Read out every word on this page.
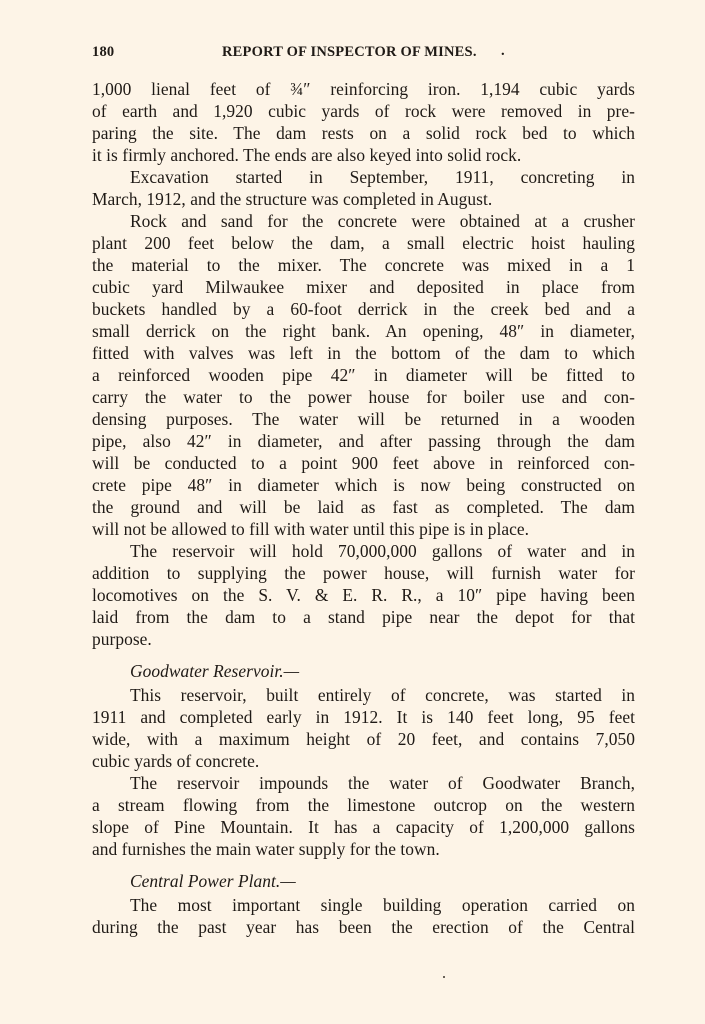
180	REPORT OF INSPECTOR OF MINES. .

1,000 lienal feet of ¾″ reinforcing iron. 1,194 cubic yards
of earth and 1,920 cubic yards of rock were removed in pre-
paring the site. The dam rests on a solid rock bed to which
it is firmly anchored. The ends are also keyed into solid rock.

Excavation started in September, 1911, concreting in
March, 1912, and the structure was completed in August.

Rock and sand for the concrete were obtained at a crusher
plant 200 feet below the dam, a small electric hoist hauling
the material to the mixer. The concrete was mixed in a 1
cubic yard Milwaukee mixer and deposited in place from
buckets handled by a 60-foot derrick in the creek bed and a
small derrick on the right bank. An opening, 48″ in diameter,
fitted with valves was left in the bottom of the dam to which
a reinforced wooden pipe 42″ in diameter will be fitted to
carry the water to the power house for boiler use and con-
densing purposes. The water will be returned in a wooden
pipe, also 42″ in diameter, and after passing through the dam
will be conducted to a point 900 feet above in reinforced con-
crete pipe 48″ in diameter which is now being constructed on
the ground and will be laid as fast as completed. The dam
will not be allowed to fill with water until this pipe is in place.

The reservoir will hold 70,000,000 gallons of water and in
addition to supplying the power house, will furnish water for
locomotives on the S. V. & E. R. R., a 10″ pipe having been
laid from the dam to a stand pipe near the depot for that
purpose.

Goodwater Reservoir.—

This reservoir, built entirely of concrete, was started in
1911 and completed early in 1912. It is 140 feet long, 95 feet
wide, with a maximum height of 20 feet, and contains 7,050
cubic yards of concrete.

The reservoir impounds the water of Goodwater Branch,
a stream flowing from the limestone outcrop on the western
slope of Pine Mountain. It has a capacity of 1,200,000 gallons
and furnishes the main water supply for the town.

Central Power Plant.—

The most important single building operation carried on
during the past year has been the erection of the Central
